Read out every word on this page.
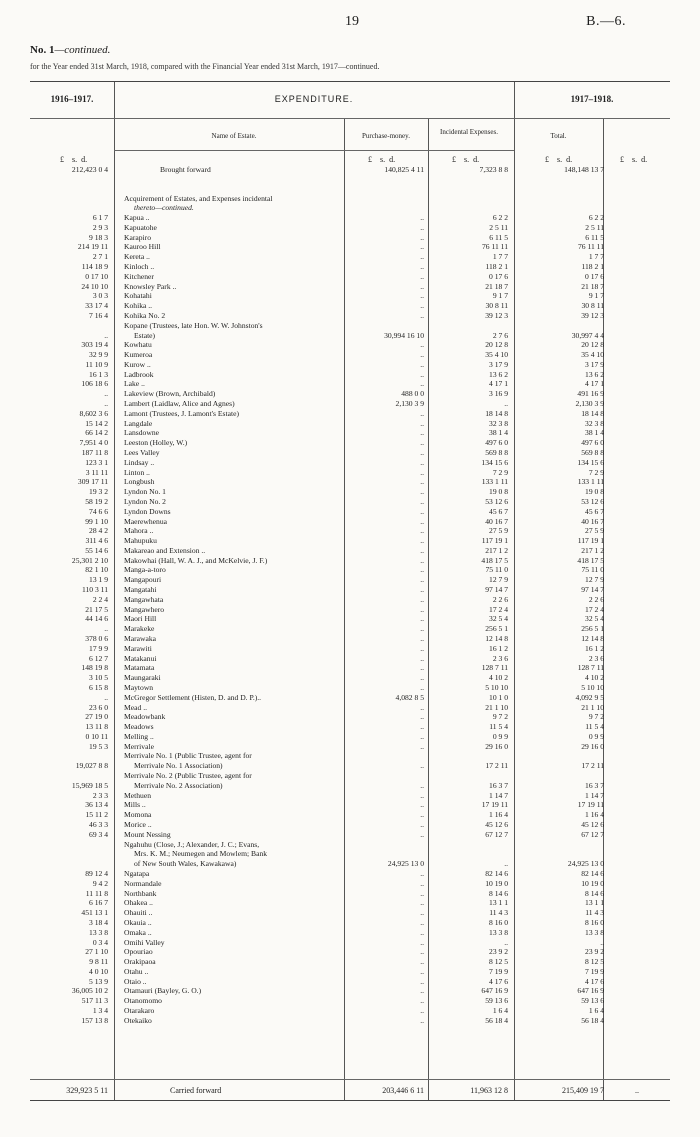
19	B.—6.
No. 1—continued.
for the Year ended 31st March, 1918, compared with the Financial Year ended 31st March, 1917—continued.
1916–1917.	EXPENDITURE.	1917–1918.
Name of Estate.	Purchase-money.	Incidental Expenses.	Total.
£    s.  d.	£    s.  d.	£    s.  d.	£    s.  d.	£    s.  d.
212,423 0 4	Brought forward	140,825 4 11	7,323 8 8	148,148 13 7
Acquirement of Estates, and Expenses incidental
thereto—continued.
6 1 7 Kapua ..	..	6 2 2	6 2 2
2 9 3 Kapuatohe	..	2 5 11	2 5 11
9 18 3 Karapiro	..	6 11 5	6 11 5
214 19 11 Kauroo Hill	..	76 11 11	76 11 11
2 7 1 Kereta ..	..	1 7 7	1 7 7
114 18 9 Kinloch ..	..	118 2 1	118 2 1
0 17 10 Kitchener	..	0 17 6	0 17 6
24 10 10 Knowsley Park ..	..	21 18 7	21 18 7
3 0 3 Kohatahi	..	9 1 7	9 1 7
33 17 4 Kohika ..	..	30 8 11	30 8 11
7 16 4 Kohika No. 2	..	39 12 3	39 12 3
Kopane (Trustees, late Hon. W. W. Johnston's
..	Estate)	30,994 16 10	2 7 6	30,997 4 4
303 19 4 Kowhatu	..	20 12 8	20 12 8
32 9 9 Kumeroa	..	35 4 10	35 4 10
11 10 9 Kurow ..	..	3 17 9	3 17 9
16 1 3 Ladbrook	..	13 6 2	13 6 2
106 18 6 Lake ..	..	4 17 1	4 17 1
.. Lakeview (Brown, Archibald)	488 0 0	3 16 9	491 16 9
.. Lambert (Laidlaw, Alice and Agnes)	2,130 3 9	..	2,130 3 9
8,602 3 6 Lamont (Trustees, J. Lamont's Estate)	..	18 14 8	18 14 8
15 14 2 Langdale	..	32 3 8	32 3 8
66 14 2 Lansdowne	..	38 1 4	38 1 4
7,951 4 0 Leeston (Holley, W.)	..	497 6 0	497 6 0
187 11 8 Lees Valley	..	569 8 8	569 8 8
123 3 1 Lindsay ..	..	134 15 6	134 15 6
3 11 11 Linton ..	..	7 2 9	7 2 9
309 17 11 Longbush	..	133 1 11	133 1 11
19 3 2 Lyndon No. 1	..	19 0 8	19 0 8
58 19 2 Lyndon No. 2	..	53 12 6	53 12 6
74 6 6 Lyndon Downs	..	45 6 7	45 6 7
99 1 10 Maerewhenua	..	40 16 7	40 16 7
28 4 2 Mahora ..	..	27 5 9	27 5 9
311 4 6 Mahupuku	..	117 19 1	117 19 1
55 14 6 Makareao and Extension ..	..	217 1 2	217 1 2
25,301 2 10 Makowhai (Hall, W. A. J., and McKelvie, J. F.)	..	418 17 5	418 17 5
82 1 10 Manga-a-toro	..	75 11 0	75 11 0
13 1 9 Mangapouri	..	12 7 9	12 7 9
110 3 11 Mangatahi	..	97 14 7	97 14 7
2 2 4 Mangawhata	..	2 2 6	2 2 6
21 17 5 Mangawhero	..	17 2 4	17 2 4
44 14 6 Maori Hill	..	32 5 4	32 5 4
.. Marakeke	..	256 5 1	256 5 1
378 0 6 Marawaka	..	12 14 8	12 14 8
17 9 9 Marawiti	..	16 1 2	16 1 2
6 12 7 Matakanui	..	2 3 6	2 3 6
148 19 8 Matamata	..	128 7 11	128 7 11
3 10 5 Maungaraki	..	4 10 2	4 10 2
6 15 8 Maytown	..	5 10 10	5 10 10
.. McGregor Settlement (Histen, D. and D. P.)..	4,082 8 5	10 1 0	4,092 9 5
23 6 0 Mead ..	..	21 1 10	21 1 10
27 19 0 Meadowbank	..	9 7 2	9 7 2
13 11 8 Meadows	..	11 5 4	11 5 4
0 10 11 Melling ..	..	0 9 9	0 9 9
19 5 3 Merrivale	..	29 16 0	29 16 0
Merrivale No. 1 (Public Trustee, agent for
19,027 8 8	Merrivale No. 1 Association)	..	17 2 11	17 2 11
Merrivale No. 2 (Public Trustee, agent for
15,969 18 5	Merrivale No. 2 Association)	..	16 3 7	16 3 7
2 3 3 Methuen	..	1 14 7	1 14 7
36 13 4 Mills ..	..	17 19 11	17 19 11
15 11 2 Momona	..	1 16 4	1 16 4
46 3 3 Morice ..	..	45 12 6	45 12 6
69 3 4 Mount Nessing	..	67 12 7	67 12 7
Ngahuhu (Close, J.; Alexander, J. C.; Evans,
Mrs. K. M.; Neumegen and Mowlem; Bank
of New South Wales, Kawakawa)	24,925 13 0	..	24,925 13 0
89 12 4 Ngatapa	..	82 14 6	82 14 6
9 4 2 Normandale	..	10 19 0	10 19 0
11 11 8 Northbank	..	8 14 6	8 14 6
6 16 7 Ohakea ..	..	13 1 1	13 1 1
451 13 1 Ohauiti ..	..	11 4 3	11 4 3
3 18 4 Okauia ..	..	8 16 0	8 16 0
13 3 8 Omaka ..	..	13 3 8	13 3 8
0 3 4 Omihi Valley	..	..	..
27 1 10 Opouriao	..	23 9 2	23 9 2
9 8 11 Orakipaoa	..	8 12 5	8 12 5
4 0 10 Otahu ..	..	7 19 9	7 19 9
5 13 9 Otaio ..	..	4 17 6	4 17 6
36,005 10 2 Otamauri (Bayley, G. O.)	..	647 16 9	647 16 9
517 11 3 Otanomomo	..	59 13 6	59 13 6
1 3 4 Otarakaro	..	1 6 4	1 6 4
157 13 8 Otekaiko	..	56 18 4	56 18 4
329,923 5 11	Carried forward	203,446 6 11	11,963 12 8	215,409 19 7	..
